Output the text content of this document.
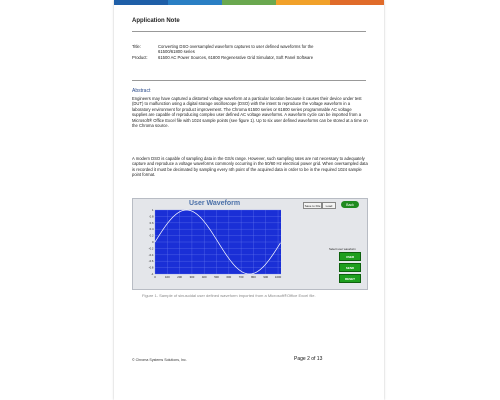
Application Note
Title:	Converting DSO oversampled waveform captures to user defined waveforms for the
61500/61800 series
Product:	61500 AC Power Sources, 61800 Regenerative Grid Simulator, Soft Panel Software
Abstract
Engineers may have captured a distorted voltage waveform at a particular location because it causes their device under test (DUT) to malfunction using a digital storage oscilloscope (DSO) with the intent to reproduce the voltage waveform in a laboratory environment for product improvement. The Chroma 61500 series or 61800 series programmable AC voltage supplies are capable of reproducing complex user defined AC voltage waveforms. A waveform cycle can be imported from a Microsoft® Office Excel file with 1024 sample points (see figure 1). Up to six user defined waveforms can be stored at a time on the Chroma source.
A modern DSO is capable of sampling data in the GS/s range. However, such sampling rates are not necessary to adequately capture and reproduce a voltage waveforms commonly occurring in the 50/60 Hz electrical power grid. When oversampled data is recorded it must be decimated by sampling every nth point of the acquired data in order to be in the required 1024 sample point format.
User Waveform
0	100	200	300	400	500	600	700	800	900 1000
1
0.8
0.6
0.4
0.2
0
-0.2
-0.4
-0.6
-0.8
-1
Save to File	Load	Back
Select user waveform
USER
SEND
RESET
Figure 1- Sample of sinusoidal user defined waveform imported from a Microsoft®Office Excel file.
© Chroma Systems Solutions, Inc.	Page 2 of 13
